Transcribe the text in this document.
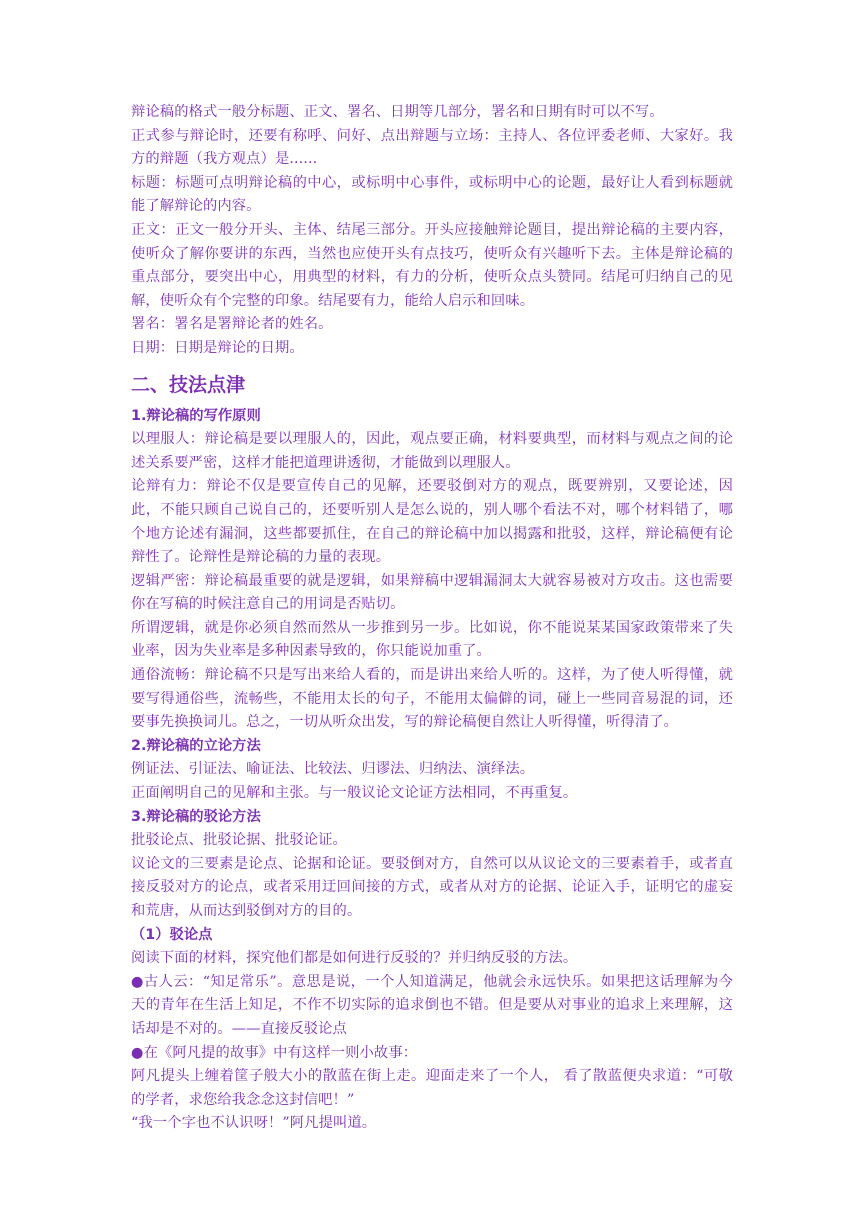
辩论稿的格式一般分标题、正文、署名、日期等几部分，署名和日期有时可以不写。

正式参与辩论时，还要有称呼、问好、点出辩题与立场：主持人、各位评委老师、大家好。我方的辩题（我方观点）是......

标题：标题可点明辩论稿的中心，或标明中心事件，或标明中心的论题，最好让人看到标题就能了解辩论的内容。

正文：正文一般分开头、主体、结尾三部分。开头应接触辩论题目，提出辩论稿的主要内容，使听众了解你要讲的东西，当然也应使开头有点技巧，使听众有兴趣听下去。主体是辩论稿的重点部分，要突出中心，用典型的材料，有力的分析，使听众点头赞同。结尾可归纳自己的见解，使听众有个完整的印象。结尾要有力，能给人启示和回味。

署名：署名是署辩论者的姓名。

日期：日期是辩论的日期。

二、技法点津
1.辩论稿的写作原则

以理服人：辩论稿是要以理服人的，因此，观点要正确，材料要典型，而材料与观点之间的论述关系要严密，这样才能把道理讲透彻，才能做到以理服人。

论辩有力：辩论不仅是要宣传自己的见解，还要驳倒对方的观点，既要辨别，又要论述，因此，不能只顾自己说自己的，还要听别人是怎么说的，别人哪个看法不对，哪个材料错了，哪个地方论述有漏洞，这些都要抓住，在自己的辩论稿中加以揭露和批驳，这样，辩论稿便有论辩性了。论辩性是辩论稿的力量的表现。

逻辑严密：辩论稿最重要的就是逻辑，如果辩稿中逻辑漏洞太大就容易被对方攻击。这也需要你在写稿的时候注意自己的用词是否贴切。

所谓逻辑，就是你必须自然而然从一步推到另一步。比如说，你不能说某某国家政策带来了失业率，因为失业率是多种因素导致的，你只能说加重了。

通俗流畅：辩论稿不只是写出来给人看的，而是讲出来给人听的。这样，为了使人听得懂，就要写得通俗些，流畅些，不能用太长的句子，不能用太偏僻的词，碰上一些同音易混的词，还要事先换换词儿。总之，一切从听众出发，写的辩论稿便自然让人听得懂，听得清了。

2.辩论稿的立论方法

例证法、引证法、喻证法、比较法、归谬法、归纳法、演绎法。

正面阐明自己的见解和主张。与一般议论文论证方法相同，不再重复。

3.辩论稿的驳论方法

批驳论点、批驳论据、批驳论证。

议论文的三要素是论点、论据和论证。要驳倒对方，自然可以从议论文的三要素着手，或者直接反驳对方的论点，或者采用迂回间接的方式，或者从对方的论据、论证入手，证明它的虚妄和荒唐，从而达到驳倒对方的目的。

（1）驳论点

阅读下面的材料，探究他们都是如何进行反驳的？并归纳反驳的方法。

●古人云：“知足常乐”。意思是说，一个人知道满足，他就会永远快乐。如果把这话理解为今天的青年在生活上知足，不作不切实际的追求倒也不错。但是要从对事业的追求上来理解，这话却是不对的。——直接反驳论点

●在《阿凡提的故事》中有这样一则小故事：

阿凡提头上缠着筐子般大小的散蓝在街上走。迎面走来了一个人， 看了散蓝便央求道：“可敬的学者，求您给我念念这封信吧！”

“我一个字也不认识呀！”阿凡提叫道。
